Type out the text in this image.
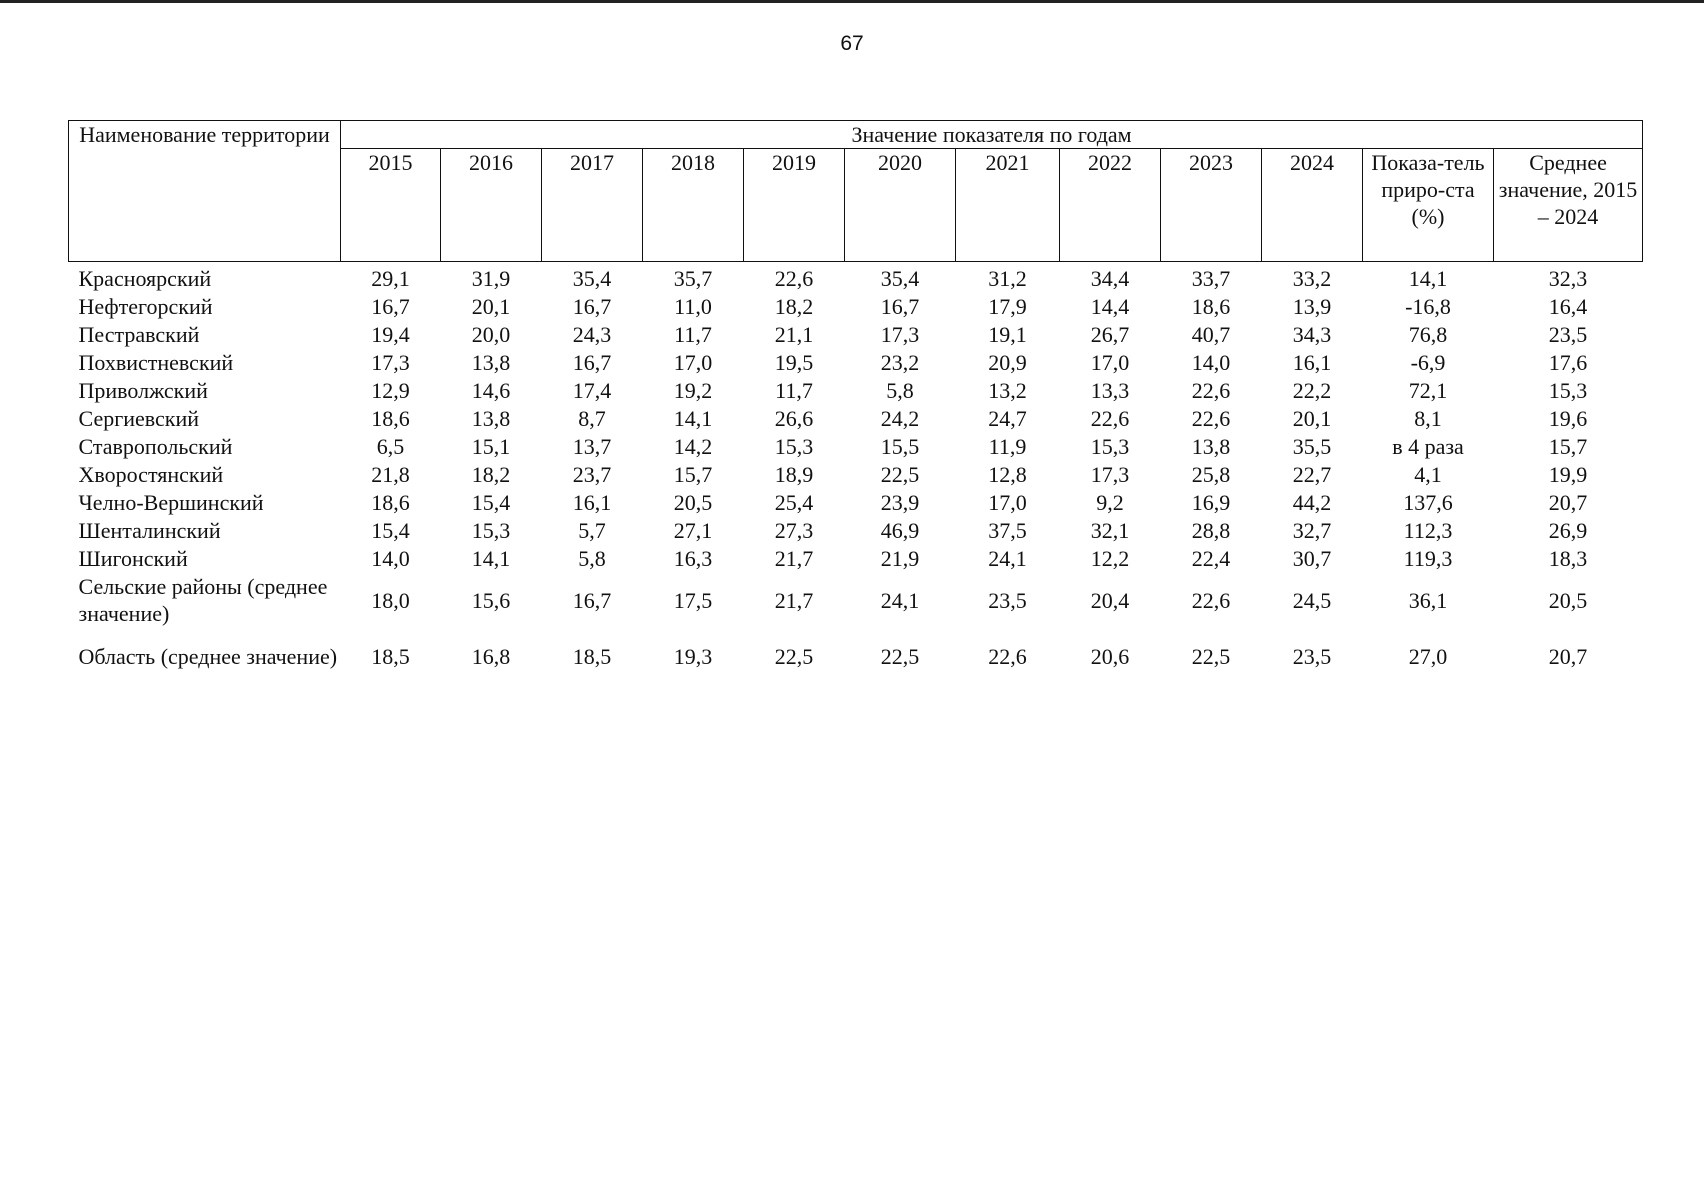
67
Наименование территории	Значение показателя по годам											
	2015	2016	2017	2018	2019	2020	2021	2022	2023	2024	Показа-тель приро-ста (%)	Среднее значение, 2015 – 2024
Красноярский	29,1	31,9	35,4	35,7	22,6	35,4	31,2	34,4	33,7	33,2	14,1	32,3
Нефтегорский	16,7	20,1	16,7	11,0	18,2	16,7	17,9	14,4	18,6	13,9	-16,8	16,4
Пестравский	19,4	20,0	24,3	11,7	21,1	17,3	19,1	26,7	40,7	34,3	76,8	23,5
Похвистневский	17,3	13,8	16,7	17,0	19,5	23,2	20,9	17,0	14,0	16,1	-6,9	17,6
Приволжский	12,9	14,6	17,4	19,2	11,7	5,8	13,2	13,3	22,6	22,2	72,1	15,3
Сергиевский	18,6	13,8	8,7	14,1	26,6	24,2	24,7	22,6	22,6	20,1	8,1	19,6
Ставропольский	6,5	15,1	13,7	14,2	15,3	15,5	11,9	15,3	13,8	35,5	в 4 раза	15,7
Хворостянский	21,8	18,2	23,7	15,7	18,9	22,5	12,8	17,3	25,8	22,7	4,1	19,9
Челно-Вершинский	18,6	15,4	16,1	20,5	25,4	23,9	17,0	9,2	16,9	44,2	137,6	20,7
Шенталинский	15,4	15,3	5,7	27,1	27,3	46,9	37,5	32,1	28,8	32,7	112,3	26,9
Шигонский	14,0	14,1	5,8	16,3	21,7	21,9	24,1	12,2	22,4	30,7	119,3	18,3
Сельские районы (среднее значение)	18,0	15,6	16,7	17,5	21,7	24,1	23,5	20,4	22,6	24,5	36,1	20,5
Область (среднее значение)	18,5	16,8	18,5	19,3	22,5	22,5	22,6	20,6	22,5	23,5	27,0	20,7
